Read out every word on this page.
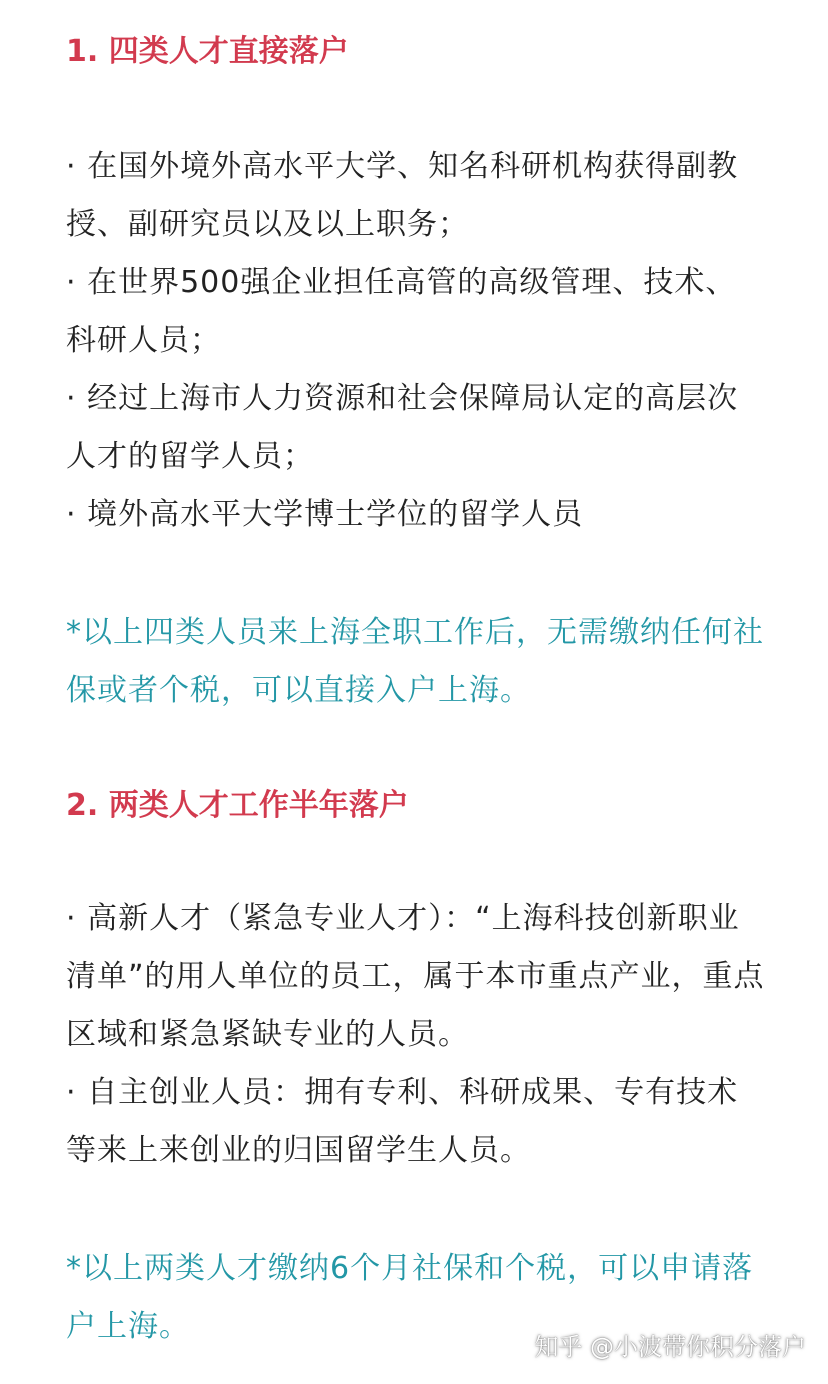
1. 四类人才直接落户
· 在国外境外高水平大学、知名科研机构获得副教授、副研究员以及以上职务；
· 在世界500强企业担任高管的高级管理、技术、科研人员；
· 经过上海市人力资源和社会保障局认定的高层次人才的留学人员；
· 境外高水平大学博士学位的留学人员
*以上四类人员来上海全职工作后，无需缴纳任何社保或者个税，可以直接入户上海。
2. 两类人才工作半年落户
· 高新人才（紧急专业人才）：“上海科技创新职业清单”的用人单位的员工，属于本市重点产业，重点区域和紧急紧缺专业的人员。
· 自主创业人员：拥有专利、科研成果、专有技术等来上来创业的归国留学生人员。
*以上两类人才缴纳6个月社保和个税，可以申请落户上海。
知乎 @小波带你积分落户
